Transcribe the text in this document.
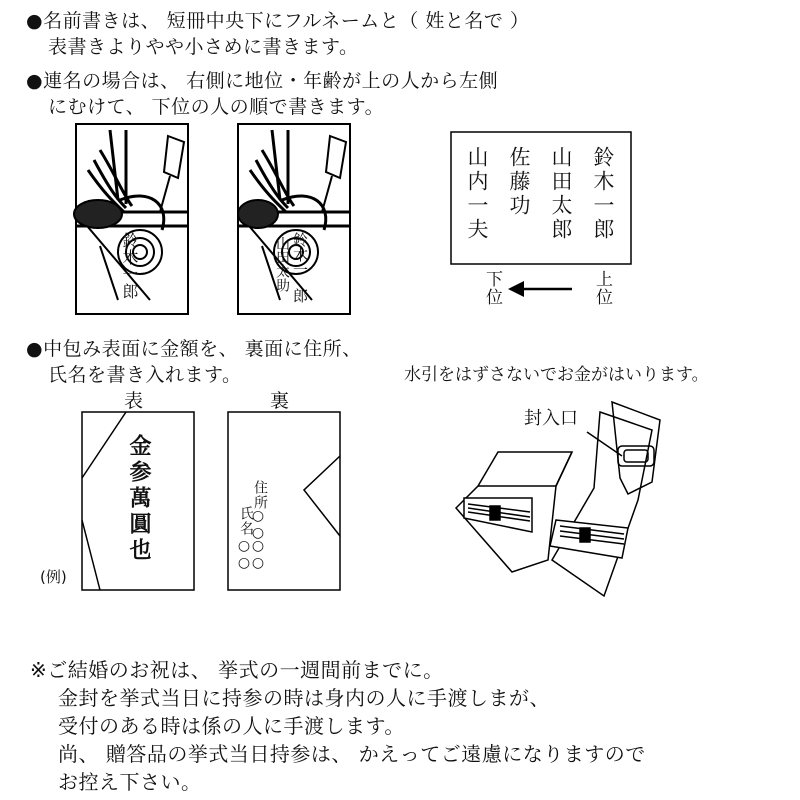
●名前書きは、 短冊中央下にフルネームと（ 姓と名で ）
表書きよりやや小さめに書きます。
●連名の場合は、 右側に地位・年齢が上の人から左側
にむけて、 下位の人の順で書きます。
鈴木一郎	鈴木一
山田太助
郎
鈴木一郎
山田太郎
佐藤功
山内一夫
上位
下位
●中包み表面に金額を、 裏面に住所、
氏名を書き入れます。	水引をはずさないでお金がはいります。
表	裏
金参萬圓也
(例)
住所
氏名
○○
○○
○○
封入口
※ご結婚のお祝は、 挙式の一週間前までに。
金封を挙式当日に持参の時は身内の人に手渡しまが、
受付のある時は係の人に手渡します。
尚、 贈答品の挙式当日持参は、 かえってご遠慮になりますので
お控え下さい。
